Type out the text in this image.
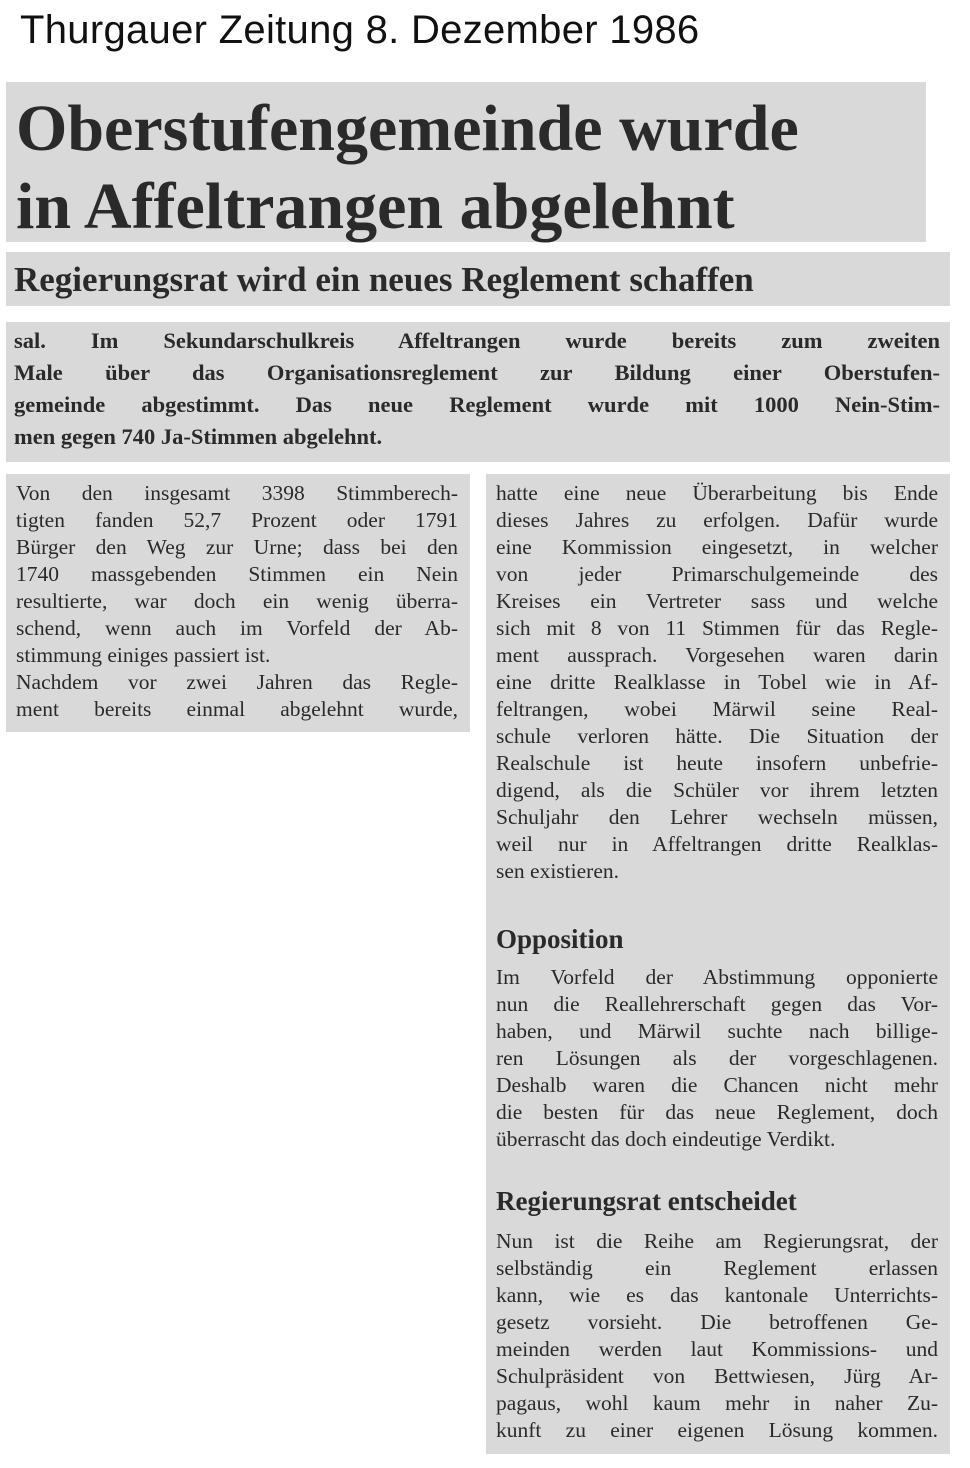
Thurgauer Zeitung 8. Dezember 1986
Oberstufengemeinde wurde
in Affeltrangen abgelehnt
Regierungsrat wird ein neues Reglement schaffen
sal. Im Sekundarschulkreis Affeltrangen wurde bereits zum zweiten
Male über das Organisationsreglement zur Bildung einer Oberstufen-
gemeinde abgestimmt. Das neue Reglement wurde mit 1000 Nein-Stim-
men gegen 740 Ja-Stimmen abgelehnt.
Von den insgesamt 3398 Stimmberech-
tigten fanden 52,7 Prozent oder 1791
Bürger den Weg zur Urne; dass bei den
1740 massgebenden Stimmen ein Nein
resultierte, war doch ein wenig überra-
schend, wenn auch im Vorfeld der Ab-
stimmung einiges passiert ist.
Nachdem vor zwei Jahren das Regle-
ment bereits einmal abgelehnt wurde,
hatte eine neue Überarbeitung bis Ende
dieses Jahres zu erfolgen. Dafür wurde
eine Kommission eingesetzt, in welcher
von jeder Primarschulgemeinde des
Kreises ein Vertreter sass und welche
sich mit 8 von 11 Stimmen für das Regle-
ment aussprach. Vorgesehen waren darin
eine dritte Realklasse in Tobel wie in Af-
feltrangen, wobei Märwil seine Real-
schule verloren hätte. Die Situation der
Realschule ist heute insofern unbefrie-
digend, als die Schüler vor ihrem letzten
Schuljahr den Lehrer wechseln müssen,
weil nur in Affeltrangen dritte Realklas-
sen existieren.
Opposition
Im Vorfeld der Abstimmung opponierte
nun die Reallehrerschaft gegen das Vor-
haben, und Märwil suchte nach billige-
ren Lösungen als der vorgeschlagenen.
Deshalb waren die Chancen nicht mehr
die besten für das neue Reglement, doch
überrascht das doch eindeutige Verdikt.
Regierungsrat entscheidet
Nun ist die Reihe am Regierungsrat, der
selbständig ein Reglement erlassen
kann, wie es das kantonale Unterrichts-
gesetz vorsieht. Die betroffenen Ge-
meinden werden laut Kommissions- und
Schulpräsident von Bettwiesen, Jürg Ar-
pagaus, wohl kaum mehr in naher Zu-
kunft zu einer eigenen Lösung kommen.
